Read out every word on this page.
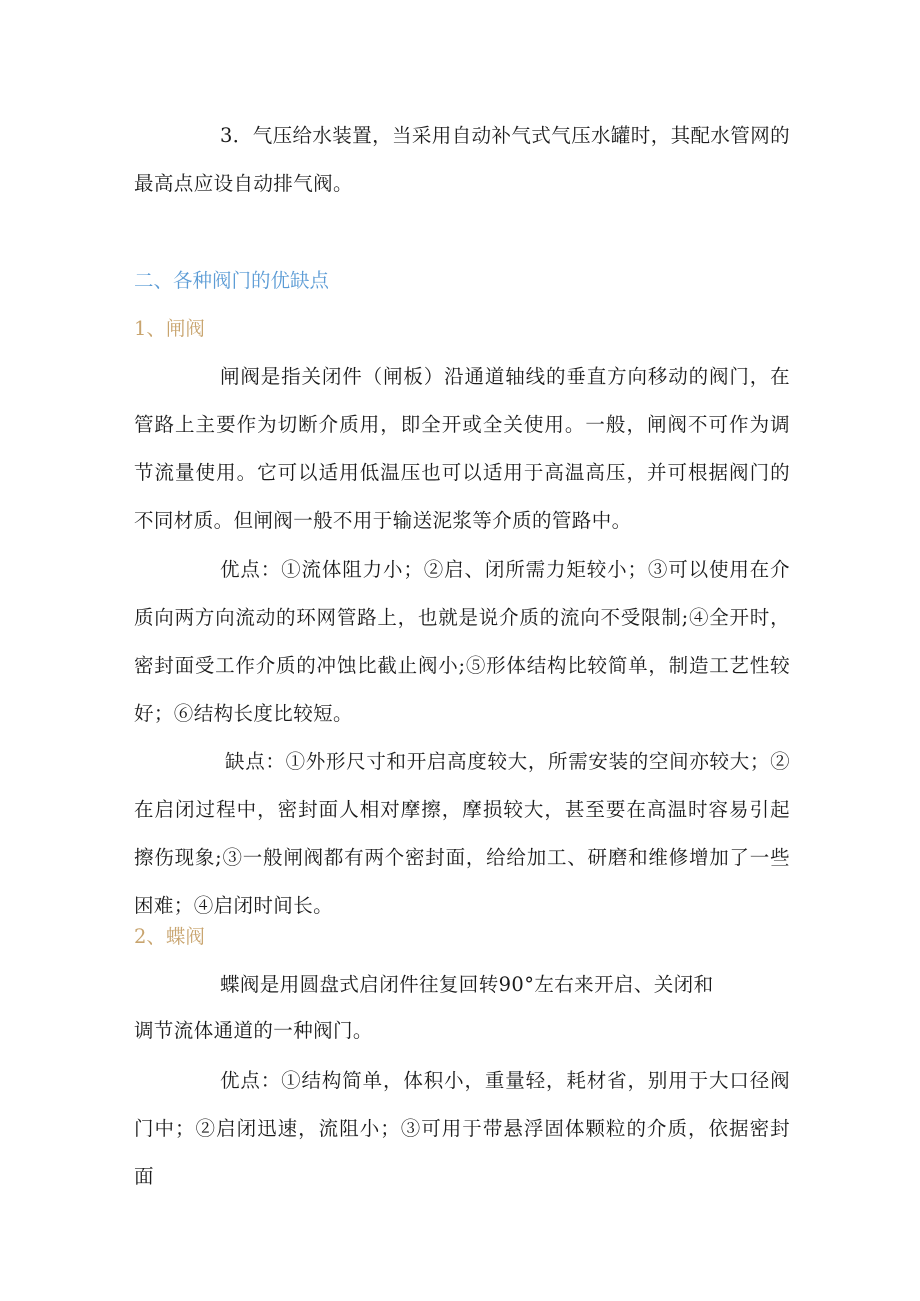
3．气压给水装置，当采用自动补气式气压水罐时，其配水管网的最高点应设自动排气阀。

二、各种阀门的优缺点

1、闸阀

闸阀是指关闭件（闸板）沿通道轴线的垂直方向移动的阀门，在管路上主要作为切断介质用，即全开或全关使用。一般，闸阀不可作为调节流量使用。它可以适用低温压也可以适用于高温高压，并可根据阀门的不同材质。但闸阀一般不用于输送泥浆等介质的管路中。

优点：①流体阻力小；②启、闭所需力矩较小；③可以使用在介质向两方向流动的环网管路上，也就是说介质的流向不受限制;④全开时，密封面受工作介质的冲蚀比截止阀小;⑤形体结构比较简单，制造工艺性较好；⑥结构长度比较短。

缺点：①外形尺寸和开启高度较大，所需安装的空间亦较大；②在启闭过程中，密封面人相对摩擦，摩损较大，甚至要在高温时容易引起擦伤现象;③一般闸阀都有两个密封面，给给加工、研磨和维修增加了一些困难；④启闭时间长。

2、蝶阀

蝶阀是用圆盘式启闭件往复回转90°左右来开启、关闭和

调节流体通道的一种阀门。

优点：①结构简单，体积小，重量轻，耗材省，别用于大口径阀门中；②启闭迅速，流阻小；③可用于带悬浮固体颗粒的介质，依据密封面
